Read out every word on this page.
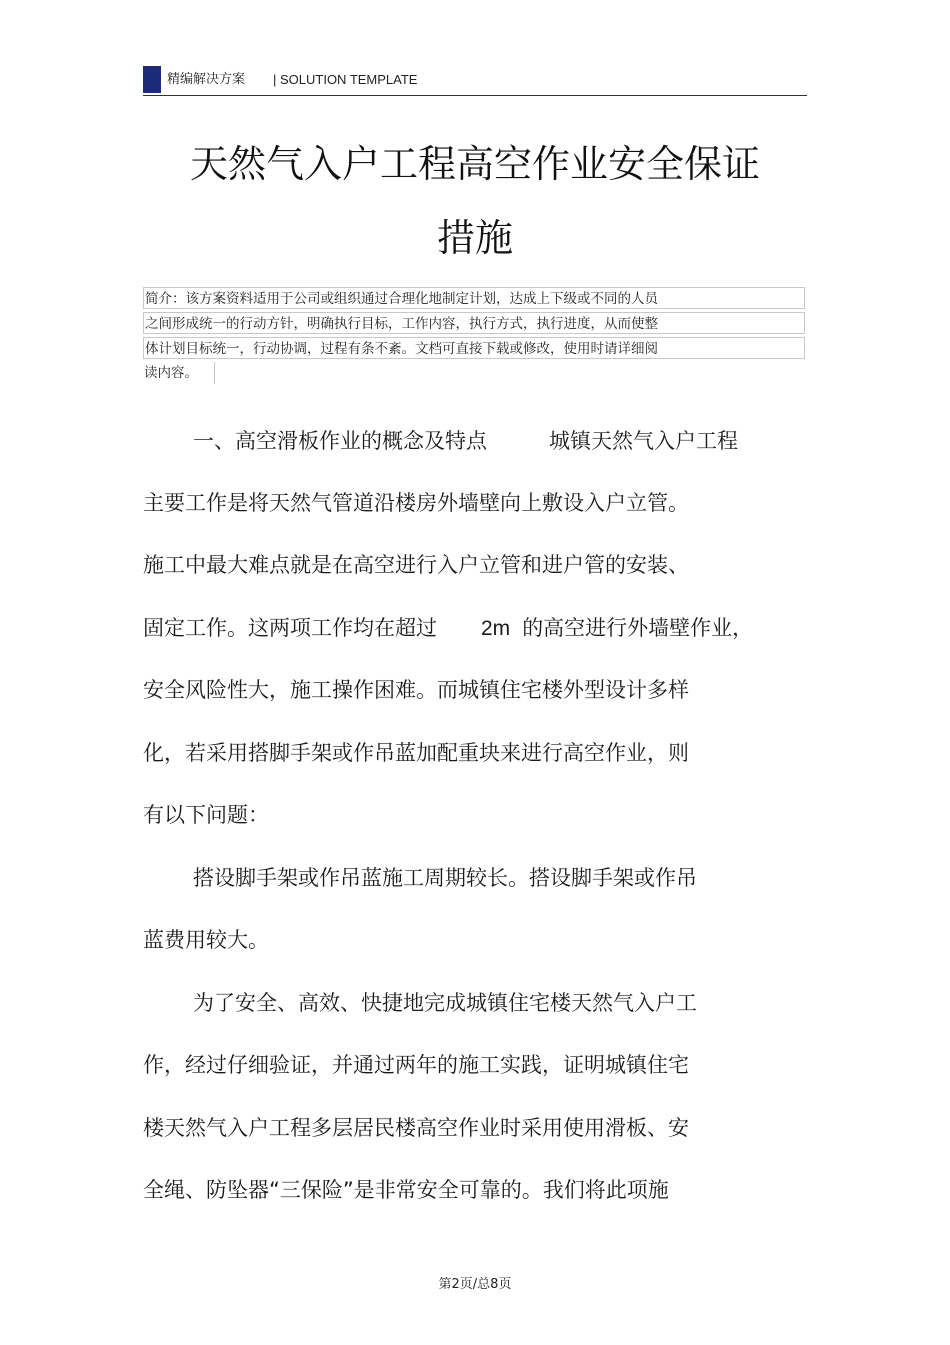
精编解决方案 | SOLUTION TEMPLATE
天然气入户工程高空作业安全保证
措施
简介：该方案资料适用于公司或组织通过合理化地制定计划，达成上下级或不同的人员
之间形成统一的行动方针，明确执行目标，工作内容，执行方式，执行进度，从而使整
体计划目标统一，行动协调，过程有条不紊。文档可直接下载或修改，使用时请详细阅
读内容。
一、高空滑板作业的概念及特点	城镇天然气入户工程
主要工作是将天然气管道沿楼房外墙壁向上敷设入户立管。
施工中最大难点就是在高空进行入户立管和进户管的安装、
固定工作。这两项工作均在超过 2m 的高空进行外墙壁作业，
安全风险性大，施工操作困难。而城镇住宅楼外型设计多样
化，若采用搭脚手架或作吊蓝加配重块来进行高空作业，则
有以下问题：
搭设脚手架或作吊蓝施工周期较长。搭设脚手架或作吊
蓝费用较大。
为了安全、高效、快捷地完成城镇住宅楼天然气入户工
作，经过仔细验证，并通过两年的施工实践，证明城镇住宅
楼天然气入户工程多层居民楼高空作业时采用使用滑板、安
全绳、防坠器“三保险”是非常安全可靠的。我们将此项施
第2页/总8页
